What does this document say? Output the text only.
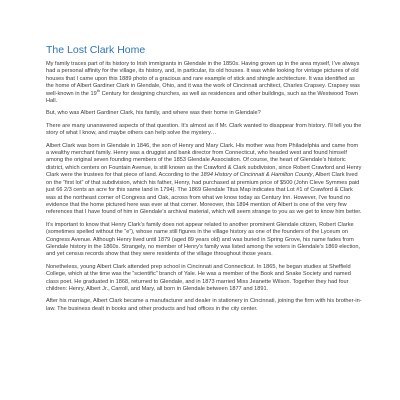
The Lost Clark Home

My family traces part of its history to Irish immigrants in Glendale in the 1850s. Having grown up in the area myself, I’ve always had a personal affinity for the village, its history, and, in particular, its old houses. It was while looking for vintage pictures of old houses that I came upon this 1889 photo of a gracious and rare example of stick and shingle architecture. It was identified as the home of Albert Gardiner Clark in Glendale, Ohio, and it was the work of Cincinnati architect, Charles Crapsey. Crapsey was well-known in the 19th Century for designing churches, as well as residences and other buildings, such as the Westwood Town Hall.

But, who was Albert Gardiner Clark, his family, and where was their home in Glendale?

There are many unanswered aspects of that question. It’s almost as if Mr. Clark wanted to disappear from history. I’ll tell you the story of what I know, and maybe others can help solve the mystery…

Albert Clark was born in Glendale in 1846, the son of Henry and Mary Clark. His mother was from Philadelphia and came from a wealthy merchant family. Henry was a druggist and bank director from Connecticut, who headed west and found himself among the original seven founding members of the 1853 Glendale Association. Of course, the heart of Glendale’s historic district, which centers on Fountain Avenue, is still known as the Crawford & Clark subdivision, since Robert Crawford and Henry Clark were the trustees for that piece of land. According to the 1894 History of Cincinnati & Hamilton County, Albert Clark lived on the “first lot” of that subdivision, which his father, Henry, had purchased at premium price of $500 (John Cleve Symmes paid just 66 2/3 cents an acre for this same land in 1794). The 1869 Glendale Titus Map indicates that Lot #1 of Crawford & Clark was at the northeast corner of Congress and Oak, across from what we know today as Century Inn. However, I’ve found no evidence that the home pictured here was ever at that corner. Moreover, this 1894 mention of Albert is one of the very few references that I have found of him in Glendale’s archival material, which will seem strange to you as we get to know him better.

It’s important to know that Henry Clark’s family does not appear related to another prominent Glendale citizen, Robert Clarke (sometimes spelled without the “e”), whose name still figures in the village history as one of the founders of the Lyceum on Congress Avenue. Although Henry lived until 1879 (aged 89 years old) and was buried in Spring Grove, his name fades from Glendale history in the 1860s. Strangely, no member of Henry’s family was listed among the voters in Glendale’s 1869 election, and yet census records show that they were residents of the village throughout those years.

Nonetheless, young Albert Clark attended prep school in Cincinnati and Connecticut. In 1865, he began studies at Sheffield College, which at the time was the “scientific” branch of Yale. He was a member of the Book and Snake Society and named class poet. He graduated in 1868, returned to Glendale, and in 1873 married Miss Jeanette Wilson. Together they had four children: Henry, Albert Jr., Carroll, and Mary, all born in Glendale between 1877 and 1891.

After his marriage, Albert Clark became a manufacturer and dealer in stationery in Cincinnati, joining the firm with his brother-in-law. The business dealt in books and other products and had offices in the city center.
